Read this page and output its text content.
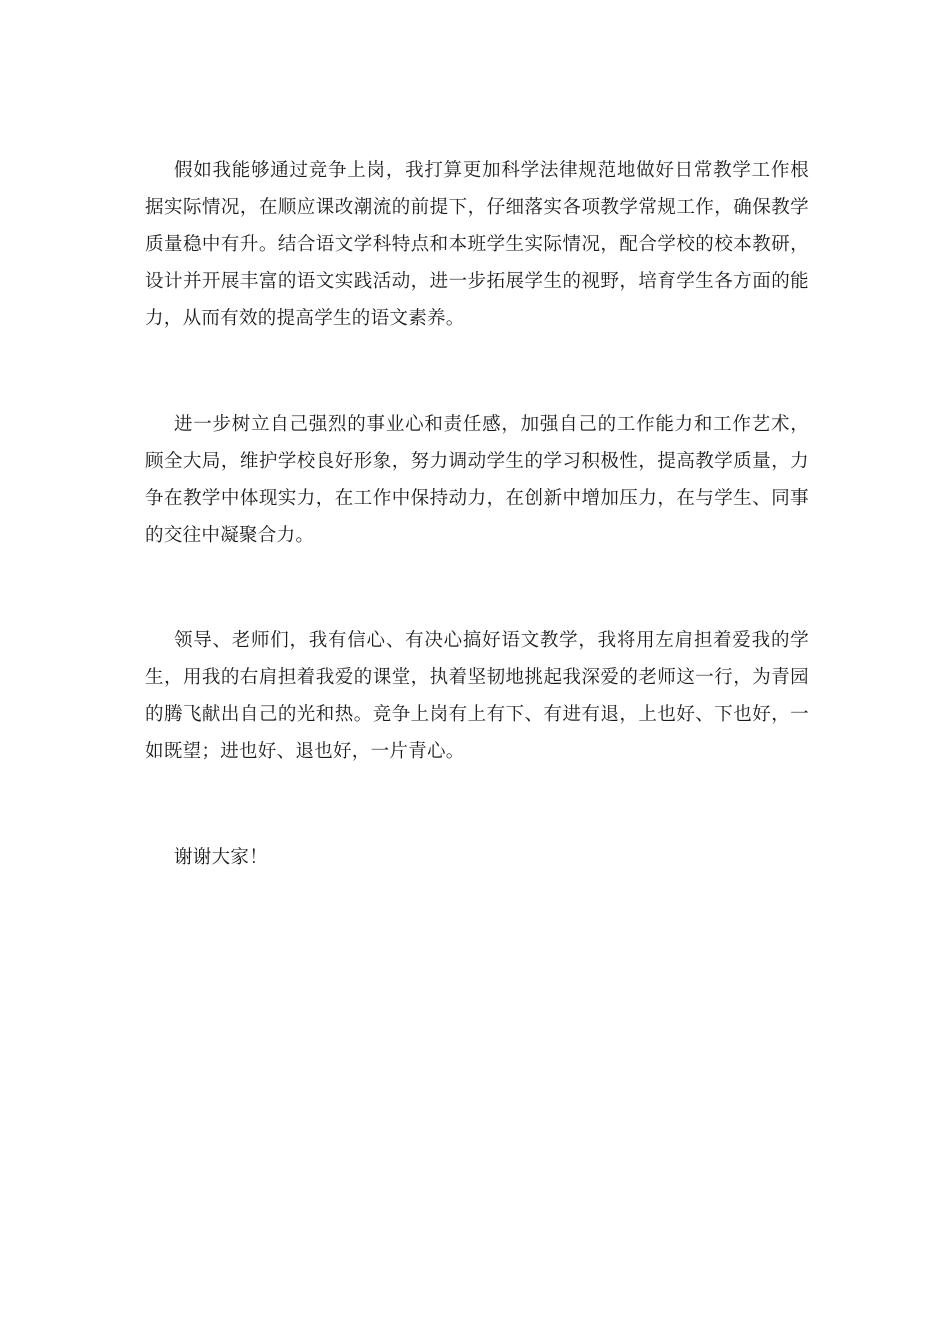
假如我能够通过竞争上岗，我打算更加科学法律规范地做好日常教学工作根据实际情况，在顺应课改潮流的前提下，仔细落实各项教学常规工作，确保教学质量稳中有升。结合语文学科特点和本班学生实际情况，配合学校的校本教研，设计并开展丰富的语文实践活动，进一步拓展学生的视野，培育学生各方面的能力，从而有效的提高学生的语文素养。

进一步树立自己强烈的事业心和责任感，加强自己的工作能力和工作艺术，顾全大局，维护学校良好形象，努力调动学生的学习积极性，提高教学质量，力争在教学中体现实力，在工作中保持动力，在创新中增加压力，在与学生、同事的交往中凝聚合力。

领导、老师们，我有信心、有决心搞好语文教学，我将用左肩担着爱我的学生，用我的右肩担着我爱的课堂，执着坚韧地挑起我深爱的老师这一行，为青园的腾飞献出自己的光和热。竞争上岗有上有下、有进有退，上也好、下也好，一如既望；进也好、退也好，一片青心。

谢谢大家！
